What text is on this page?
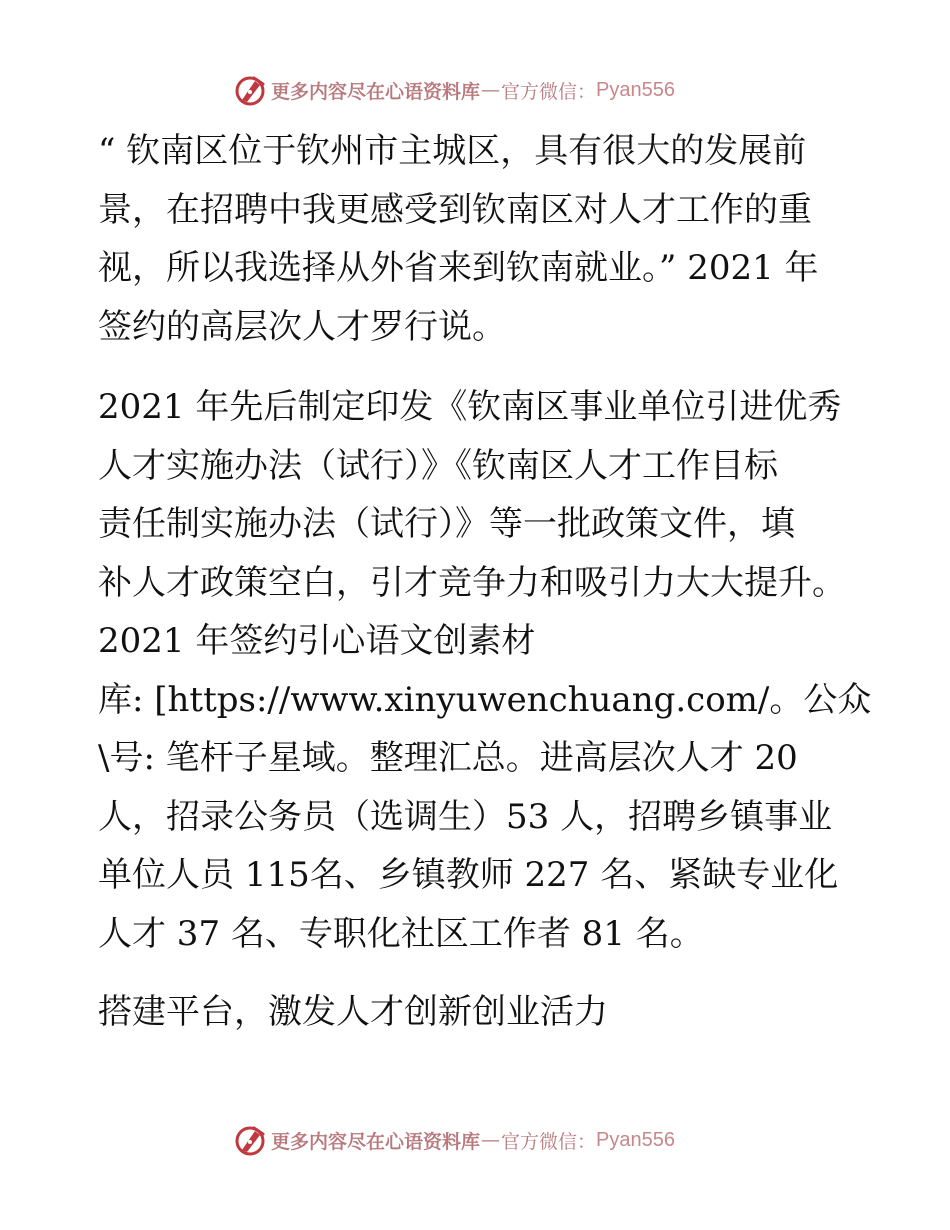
更多内容尽在心语资料库 — 官方微信： Pyan556

“ 钦南区位于钦州市主城区，具有很大的发展前
景，在招聘中我更感受到钦南区对人才工作的重
视，所以我选择从外省来到钦南就业。” 2021 年
签约的高层次人才罗行说。

2021 年先后制定印发《钦南区事业单位引进优秀
人才实施办法（试行）》《钦南区人才工作目标
责任制实施办法（试行）》等一批政策文件，填
补人才政策空白，引才竞争力和吸引力大大提升。
2021 年签约引心语文创素材
库: [https://www.xinyuwenchuang.com/。公众
\号: 笔杆子星域。整理汇总。进高层次人才 20
人，招录公务员（选调生）53 人，招聘乡镇事业
单位人员 115名、乡镇教师 227 名、紧缺专业化
人才 37 名、专职化社区工作者 81 名。

搭建平台，激发人才创新创业活力

更多内容尽在心语资料库 — 官方微信： Pyan556
